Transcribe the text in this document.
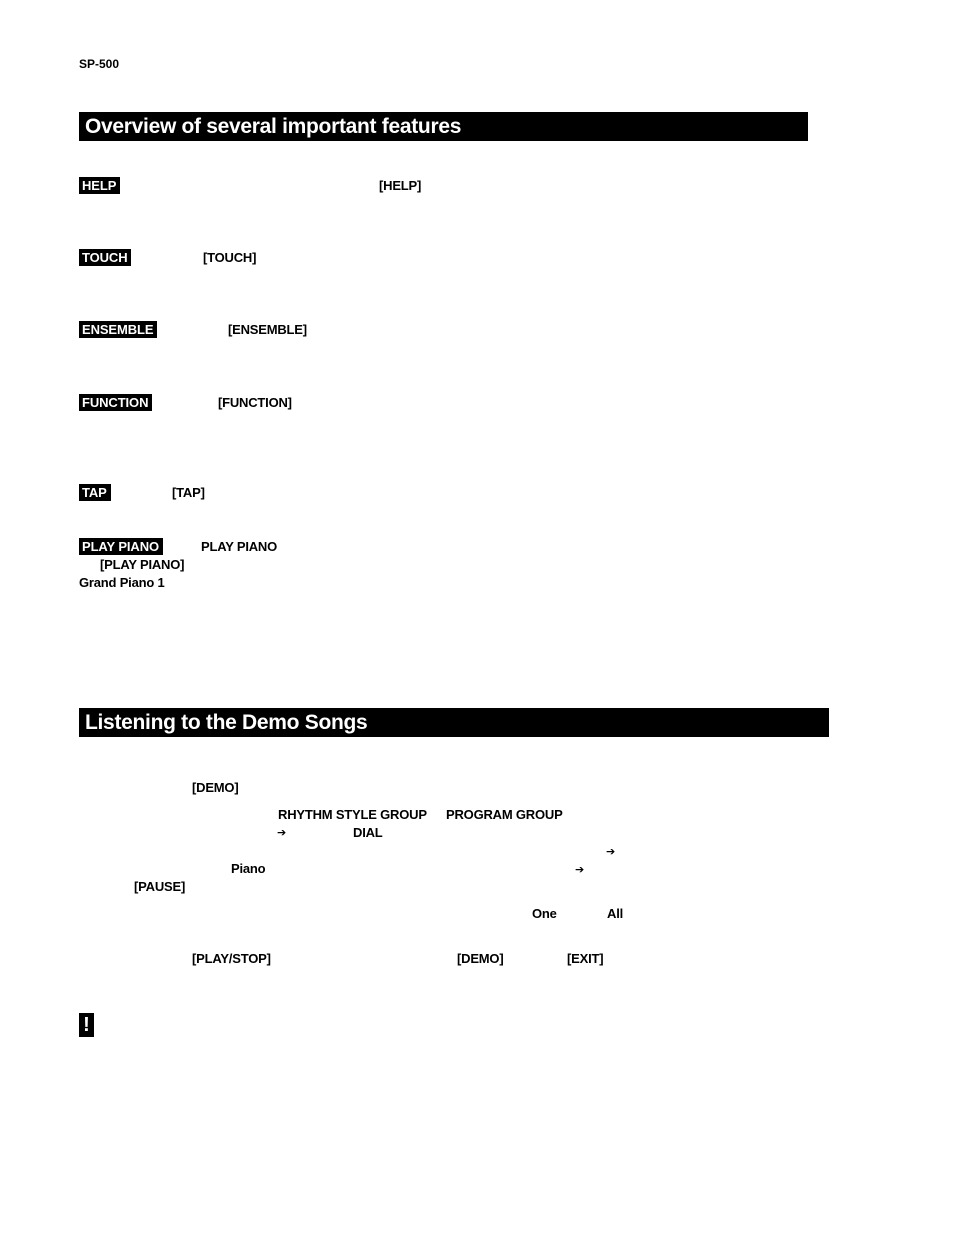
SP-500
Overview of several important features
HELP	[HELP]
TOUCH	[TOUCH]
ENSEMBLE	[ENSEMBLE]
FUNCTION	[FUNCTION]
TAP	[TAP]
PLAY PIANO	PLAY PIANO
[PLAY PIANO]
Grand Piano 1
Listening to the Demo Songs
[DEMO]
RHYTHM STYLE GROUP PROGRAM GROUP
➔	DIAL
➔
Piano	➔
[PAUSE]
One	All
[PLAY/STOP]	[DEMO]	[EXIT]
!
